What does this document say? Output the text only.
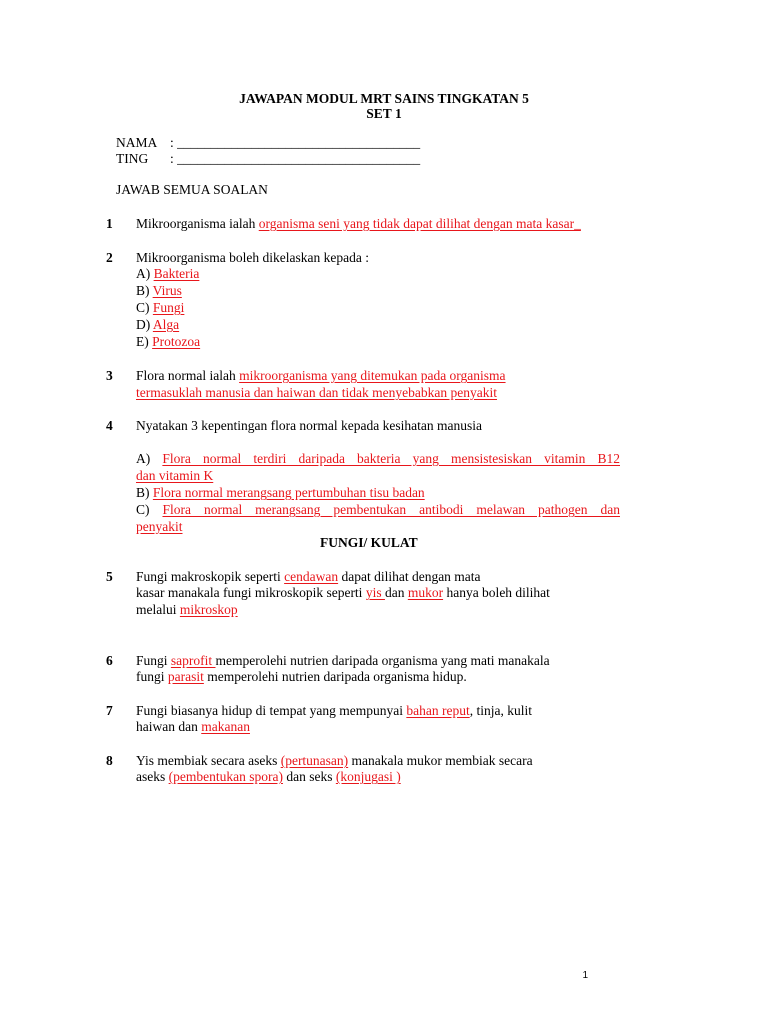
JAWAPAN MODUL MRT SAINS TINGKATAN 5
SET 1
NAMA : ____________________________________
TING : ____________________________________
JAWAB SEMUA SOALAN
1 Mikroorganisma ialah organisma seni yang tidak dapat dilihat dengan mata kasar_
2 Mikroorganisma boleh dikelaskan kepada :
A) Bakteria
B) Virus
C) Fungi
D) Alga
E) Protozoa
3 Flora normal ialah mikroorganisma yang ditemukan pada organisma
termasuklah manusia dan haiwan dan tidak menyebabkan penyakit
4 Nyatakan 3 kepentingan flora normal kepada kesihatan manusia
A) Flora normal terdiri daripada bakteria yang mensistesiskan vitamin B12
dan vitamin K
B) Flora normal merangsang pertumbuhan tisu badan
C) Flora normal merangsang pembentukan antibodi melawan pathogen dan
penyakit
FUNGI/ KULAT
5 Fungi makroskopik seperti cendawan dapat dilihat dengan mata
kasar manakala fungi mikroskopik seperti yis dan mukor hanya boleh dilihat
melalui mikroskop
6 Fungi saprofit memperolehi nutrien daripada organisma yang mati manakala
fungi parasit memperolehi nutrien daripada organisma hidup.
7 Fungi biasanya hidup di tempat yang mempunyai bahan reput, tinja, kulit
haiwan dan makanan
8 Yis membiak secara aseks (pertunasan) manakala mukor membiak secara
aseks (pembentukan spora) dan seks (konjugasi )
1
